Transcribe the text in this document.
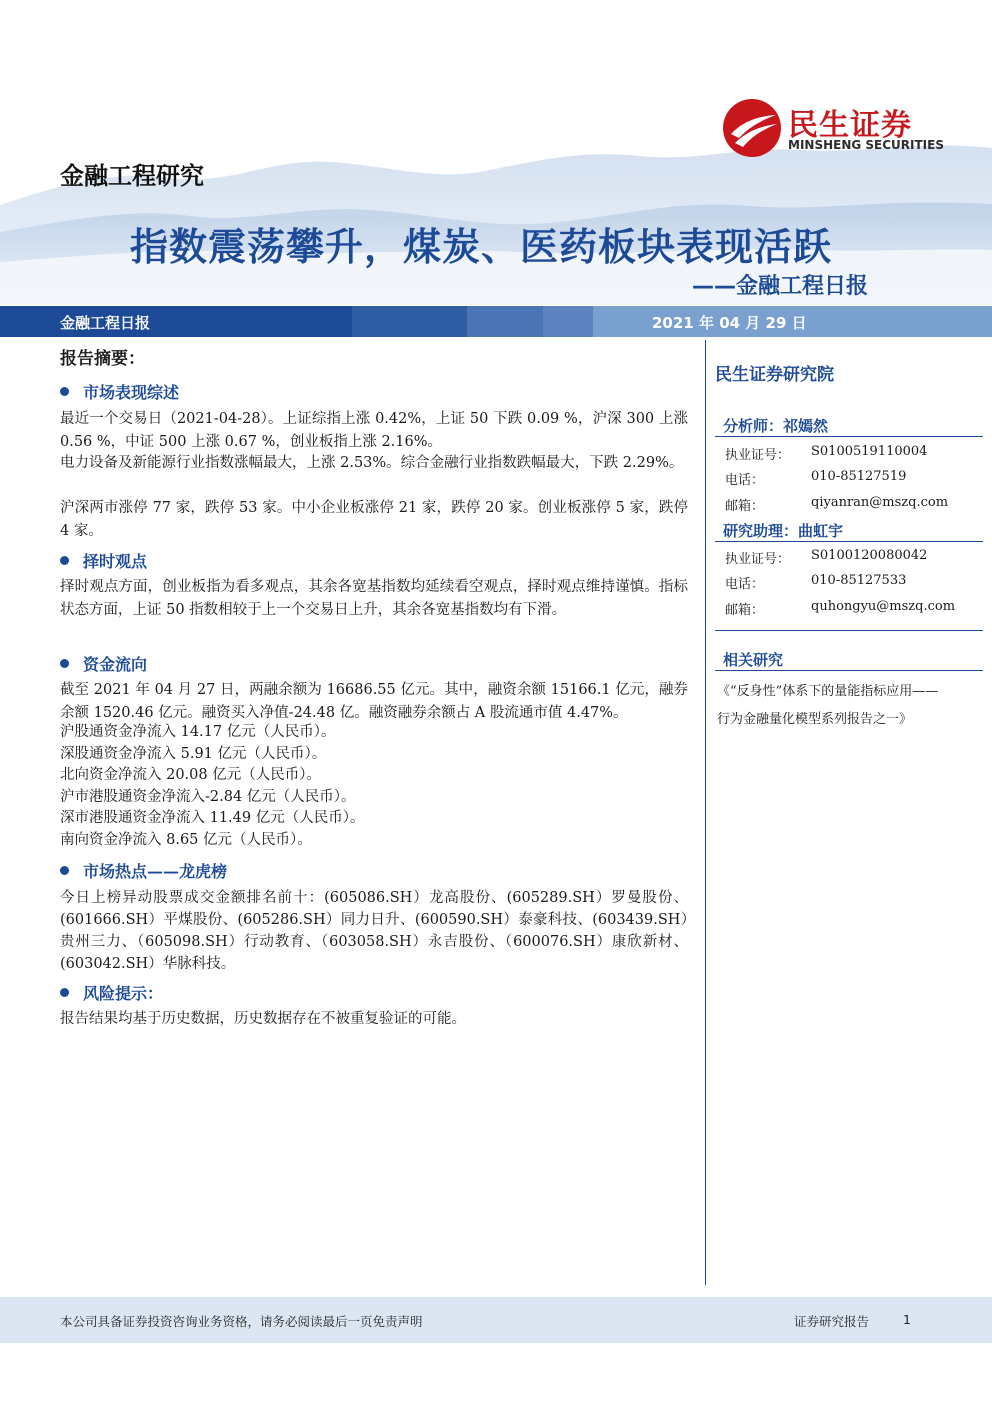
民生证券
MINSHENG SECURITIES
金融工程研究
指数震荡攀升，煤炭、医药板块表现活跃
——金融工程日报
金融工程日报	2021 年 04 月 29 日
报告摘要：
市场表现综述
最近一个交易日（2021-04-28）。上证综指上涨 0.42%，上证 50 下跌 0.09 %，沪深 300 上涨 0.56 %，中证 500 上涨 0.67 %，创业板指上涨 2.16%。
电力设备及新能源行业指数涨幅最大，上涨 2.53%。综合金融行业指数跌幅最大，下跌 2.29%。
沪深两市涨停 77 家，跌停 53 家。中小企业板涨停 21 家，跌停 20 家。创业板涨停 5 家，跌停 4 家。
择时观点
择时观点方面，创业板指为看多观点，其余各宽基指数均延续看空观点，择时观点维持谨慎。指标状态方面，上证 50 指数相较于上一个交易日上升，其余各宽基指数均有下滑。
资金流向
截至 2021 年 04 月 27 日，两融余额为 16686.55 亿元。其中，融资余额 15166.1 亿元，融券余额 1520.46 亿元。融资买入净值-24.48 亿。融资融券余额占 A 股流通市值 4.47%。
沪股通资金净流入 14.17 亿元（人民币）。
深股通资金净流入 5.91 亿元（人民币）。
北向资金净流入 20.08 亿元（人民币）。
沪市港股通资金净流入-2.84 亿元（人民币）。
深市港股通资金净流入 11.49 亿元（人民币）。
南向资金净流入 8.65 亿元（人民币）。
市场热点——龙虎榜
今日上榜异动股票成交金额排名前十：(605086.SH）龙高股份、(605289.SH）罗曼股份、(601666.SH）平煤股份、(605286.SH）同力日升、(600590.SH）泰豪科技、(603439.SH）贵州三力、（605098.SH）行动教育、（603058.SH）永吉股份、（600076.SH）康欣新材、(603042.SH）华脉科技。
风险提示：
报告结果均基于历史数据，历史数据存在不被重复验证的可能。
民生证券研究院
分析师：祁嫣然
执业证号： S0100519110004
电话：	010-85127519
邮箱：	qiyanran@mszq.com
研究助理：曲虹宇
执业证号： S0100120080042
电话：	010-85127533
邮箱：	quhongyu@mszq.com
相关研究
《“反身性”体系下的量能指标应用——
行为金融量化模型系列报告之一》
本公司具备证券投资咨询业务资格，请务必阅读最后一页免责声明	证券研究报告	1
